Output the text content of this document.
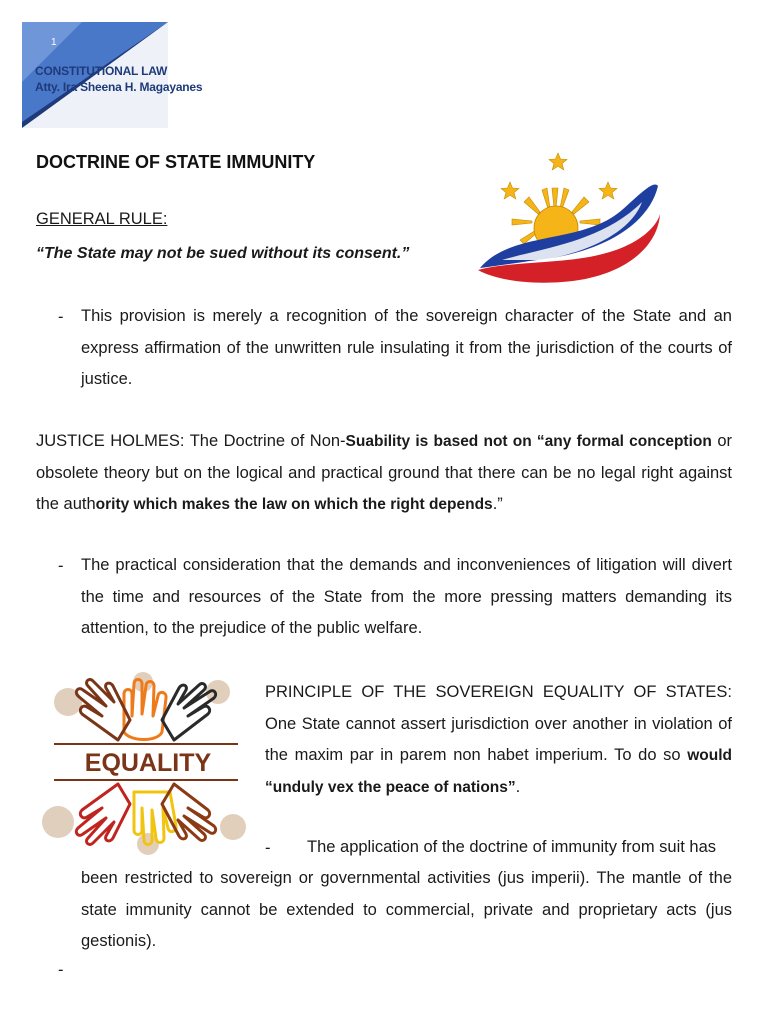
1
CONSTITUTIONAL LAW
Atty. Ira Sheena H. Magayanes
DOCTRINE OF STATE IMMUNITY
GENERAL RULE:
“The State may not be sued without its consent.”
- This provision is merely a recognition of the sovereign character of the State and an express affirmation of the unwritten rule insulating it from the jurisdiction of the courts of justice.
JUSTICE HOLMES: The Doctrine of Non-Suability is based not on “any formal conception or obsolete theory but on the logical and practical ground that there can be no legal right against the authority which makes the law on which the right depends.”
- The practical consideration that the demands and inconveniences of litigation will divert the time and resources of the State from the more pressing matters demanding its attention, to the prejudice of the public welfare.
EQUALITY
PRINCIPLE OF THE SOVEREIGN EQUALITY OF STATES: One State cannot assert jurisdiction over another in violation of the maxim par in parem non habet imperium. To do so would “unduly vex the peace of nations”.
- The application of the doctrine of immunity from suit has
been restricted to sovereign or governmental activities (jus imperii). The mantle of the state immunity cannot be extended to commercial, private and proprietary acts (jus gestionis).
-
